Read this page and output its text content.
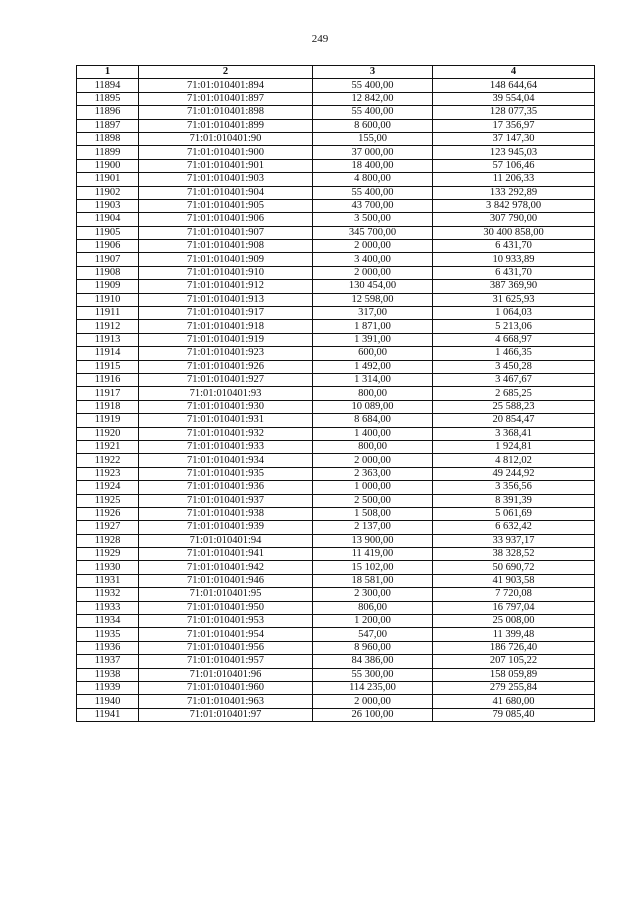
249
1	2	3	4
11894	71:01:010401:894	55 400,00	148 644,64
11895	71:01:010401:897	12 842,00	39 554,04
11896	71:01:010401:898	55 400,00	128 077,35
11897	71:01:010401:899	8 600,00	17 356,97
11898	71:01:010401:90	155,00	37 147,30
11899	71:01:010401:900	37 000,00	123 945,03
11900	71:01:010401:901	18 400,00	57 106,46
11901	71:01:010401:903	4 800,00	11 206,33
11902	71:01:010401:904	55 400,00	133 292,89
11903	71:01:010401:905	43 700,00	3 842 978,00
11904	71:01:010401:906	3 500,00	307 790,00
11905	71:01:010401:907	345 700,00	30 400 858,00
11906	71:01:010401:908	2 000,00	6 431,70
11907	71:01:010401:909	3 400,00	10 933,89
11908	71:01:010401:910	2 000,00	6 431,70
11909	71:01:010401:912	130 454,00	387 369,90
11910	71:01:010401:913	12 598,00	31 625,93
11911	71:01:010401:917	317,00	1 064,03
11912	71:01:010401:918	1 871,00	5 213,06
11913	71:01:010401:919	1 391,00	4 668,97
11914	71:01:010401:923	600,00	1 466,35
11915	71:01:010401:926	1 492,00	3 450,28
11916	71:01:010401:927	1 314,00	3 467,67
11917	71:01:010401:93	800,00	2 685,25
11918	71:01:010401:930	10 089,00	25 588,23
11919	71:01:010401:931	8 684,00	20 854,47
11920	71:01:010401:932	1 400,00	3 368,41
11921	71:01:010401:933	800,00	1 924,81
11922	71:01:010401:934	2 000,00	4 812,02
11923	71:01:010401:935	2 363,00	49 244,92
11924	71:01:010401:936	1 000,00	3 356,56
11925	71:01:010401:937	2 500,00	8 391,39
11926	71:01:010401:938	1 508,00	5 061,69
11927	71:01:010401:939	2 137,00	6 632,42
11928	71:01:010401:94	13 900,00	33 937,17
11929	71:01:010401:941	11 419,00	38 328,52
11930	71:01:010401:942	15 102,00	50 690,72
11931	71:01:010401:946	18 581,00	41 903,58
11932	71:01:010401:95	2 300,00	7 720,08
11933	71:01:010401:950	806,00	16 797,04
11934	71:01:010401:953	1 200,00	25 008,00
11935	71:01:010401:954	547,00	11 399,48
11936	71:01:010401:956	8 960,00	186 726,40
11937	71:01:010401:957	84 386,00	207 105,22
11938	71:01:010401:96	55 300,00	158 059,89
11939	71:01:010401:960	114 235,00	279 255,84
11940	71:01:010401:963	2 000,00	41 680,00
11941	71:01:010401:97	26 100,00	79 085,40
